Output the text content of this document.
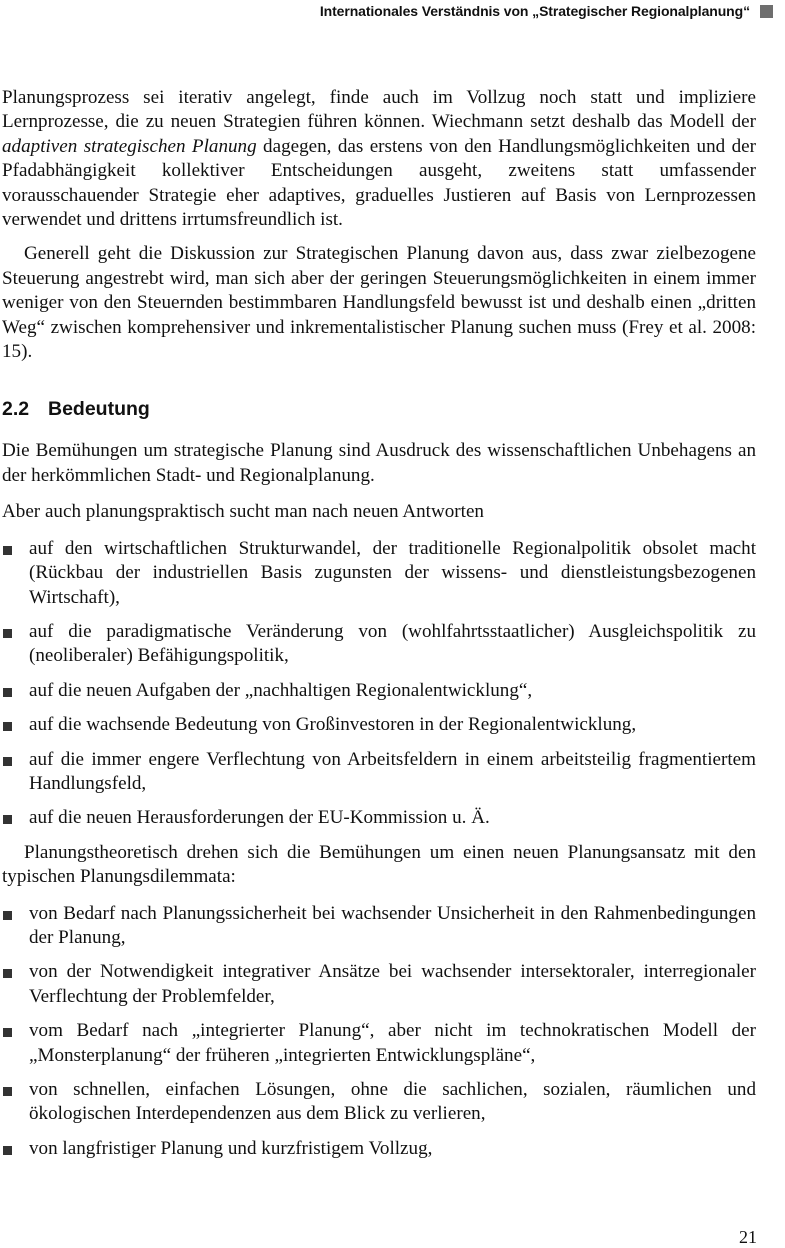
Internationales Verständnis von „Strategischer Regionalplanung“

Planungsprozess sei iterativ angelegt, finde auch im Vollzug noch statt und impliziere Lernprozesse, die zu neuen Strategien führen können. Wiechmann setzt deshalb das Modell der adaptiven strategischen Planung dagegen, das erstens von den Handlungsmöglichkeiten und der Pfadabhängigkeit kollektiver Entscheidungen ausgeht, zweitens statt umfassender vorausschauender Strategie eher adaptives, graduelles Justieren auf Basis von Lernprozessen verwendet und drittens irrtumsfreundlich ist.

Generell geht die Diskussion zur Strategischen Planung davon aus, dass zwar zielbezogene Steuerung angestrebt wird, man sich aber der geringen Steuerungsmöglichkeiten in einem immer weniger von den Steuernden bestimmbaren Handlungsfeld bewusst ist und deshalb einen „dritten Weg“ zwischen komprehensiver und inkrementalistischer Planung suchen muss (Frey et al. 2008: 15).

2.2 Bedeutung

Die Bemühungen um strategische Planung sind Ausdruck des wissenschaftlichen Unbehagens an der herkömmlichen Stadt- und Regionalplanung.

Aber auch planungspraktisch sucht man nach neuen Antworten

auf den wirtschaftlichen Strukturwandel, der traditionelle Regionalpolitik obsolet macht (Rückbau der industriellen Basis zugunsten der wissens- und dienstleistungsbezogenen Wirtschaft),
auf die paradigmatische Veränderung von (wohlfahrtsstaatlicher) Ausgleichspolitik zu (neoliberaler) Befähigungspolitik,
auf die neuen Aufgaben der „nachhaltigen Regionalentwicklung“,
auf die wachsende Bedeutung von Großinvestoren in der Regionalentwicklung,
auf die immer engere Verflechtung von Arbeitsfeldern in einem arbeitsteilig fragmentiertem Handlungsfeld,
auf die neuen Herausforderungen der EU-Kommission u. Ä.

Planungstheoretisch drehen sich die Bemühungen um einen neuen Planungsansatz mit den typischen Planungsdilemmata:

von Bedarf nach Planungssicherheit bei wachsender Unsicherheit in den Rahmenbedingungen der Planung,
von der Notwendigkeit integrativer Ansätze bei wachsender intersektoraler, interregionaler Verflechtung der Problemfelder,
vom Bedarf nach „integrierter Planung“, aber nicht im technokratischen Modell der „Monsterplanung“ der früheren „integrierten Entwicklungspläne“,
von schnellen, einfachen Lösungen, ohne die sachlichen, sozialen, räumlichen und ökologischen Interdependenzen aus dem Blick zu verlieren,
von langfristiger Planung und kurzfristigem Vollzug,
21
